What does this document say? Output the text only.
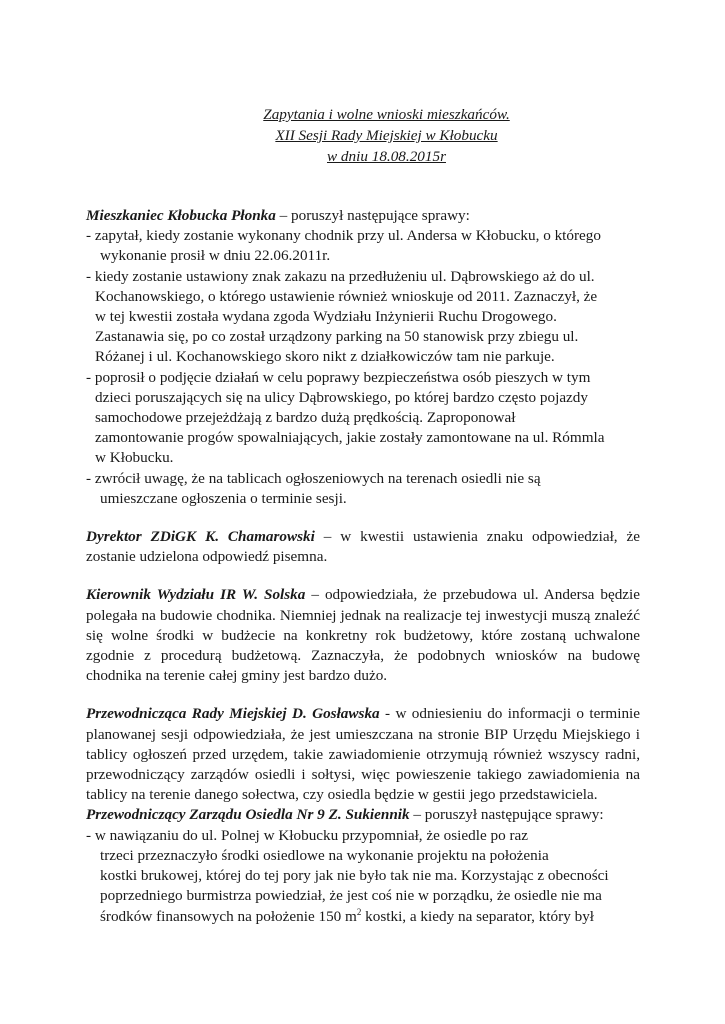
Zapytania i wolne wnioski mieszkańców.
XII Sesji Rady Miejskiej w Kłobucku
w dniu 18.08.2015r

Mieszkaniec Kłobucka Płonka – poruszył następujące sprawy:

- zapytał, kiedy zostanie wykonany chodnik przy ul. Andersa w Kłobucku, o którego
wykonanie prosił w dniu 22.06.2011r.
- kiedy zostanie ustawiony znak zakazu na przedłużeniu ul. Dąbrowskiego aż do ul.
Kochanowskiego, o którego ustawienie również wnioskuje od 2011. Zaznaczył, że
w tej kwestii została wydana zgoda Wydziału Inżynierii Ruchu Drogowego.
Zastanawia się, po co został urządzony parking na 50 stanowisk przy zbiegu ul.
Różanej i ul. Kochanowskiego skoro nikt z działkowiczów tam nie parkuje.
- poprosił o podjęcie działań w celu poprawy bezpieczeństwa osób pieszych w tym
dzieci poruszających się na ulicy Dąbrowskiego, po której bardzo często pojazdy
samochodowe przejeżdżają z bardzo dużą prędkością. Zaproponował
zamontowanie progów spowalniających, jakie zostały zamontowane na ul. Rómmla
w Kłobucku.
- zwrócił uwagę, że na tablicach ogłoszeniowych na terenach osiedli nie są
umieszczane ogłoszenia o terminie sesji.

Dyrektor ZDiGK K. Chamarowski – w kwestii ustawienia znaku odpowiedział, że zostanie udzielona odpowiedź pisemna.

Kierownik Wydziału IR W. Solska – odpowiedziała, że przebudowa ul. Andersa będzie polegała na budowie chodnika. Niemniej jednak na realizacje tej inwestycji muszą znaleźć się wolne środki w budżecie na konkretny rok budżetowy, które zostaną uchwalone zgodnie z procedurą budżetową. Zaznaczyła, że podobnych wniosków na budowę chodnika na terenie całej gminy jest bardzo dużo.

Przewodnicząca Rady Miejskiej D. Gosławska - w odniesieniu do informacji o terminie planowanej sesji odpowiedziała, że jest umieszczana na stronie BIP Urzędu Miejskiego i tablicy ogłoszeń przed urzędem, takie zawiadomienie otrzymują również wszyscy radni, przewodniczący zarządów osiedli i sołtysi, więc powieszenie takiego zawiadomienia na tablicy na terenie danego sołectwa, czy osiedla będzie w gestii jego przedstawiciela.

Przewodniczący Zarządu Osiedla Nr 9 Z. Sukiennik – poruszył następujące sprawy:

- w nawiązaniu do ul. Polnej w Kłobucku przypomniał, że osiedle po raz
trzeci przeznaczyło środki osiedlowe na wykonanie projektu na położenia
kostki brukowej, której do tej pory jak nie było tak nie ma. Korzystając z obecności
poprzedniego burmistrza powiedział, że jest coś nie w porządku, że osiedle nie ma
środków finansowych na położenie 150 $m^2$ kostki, a kiedy na separator, który był
